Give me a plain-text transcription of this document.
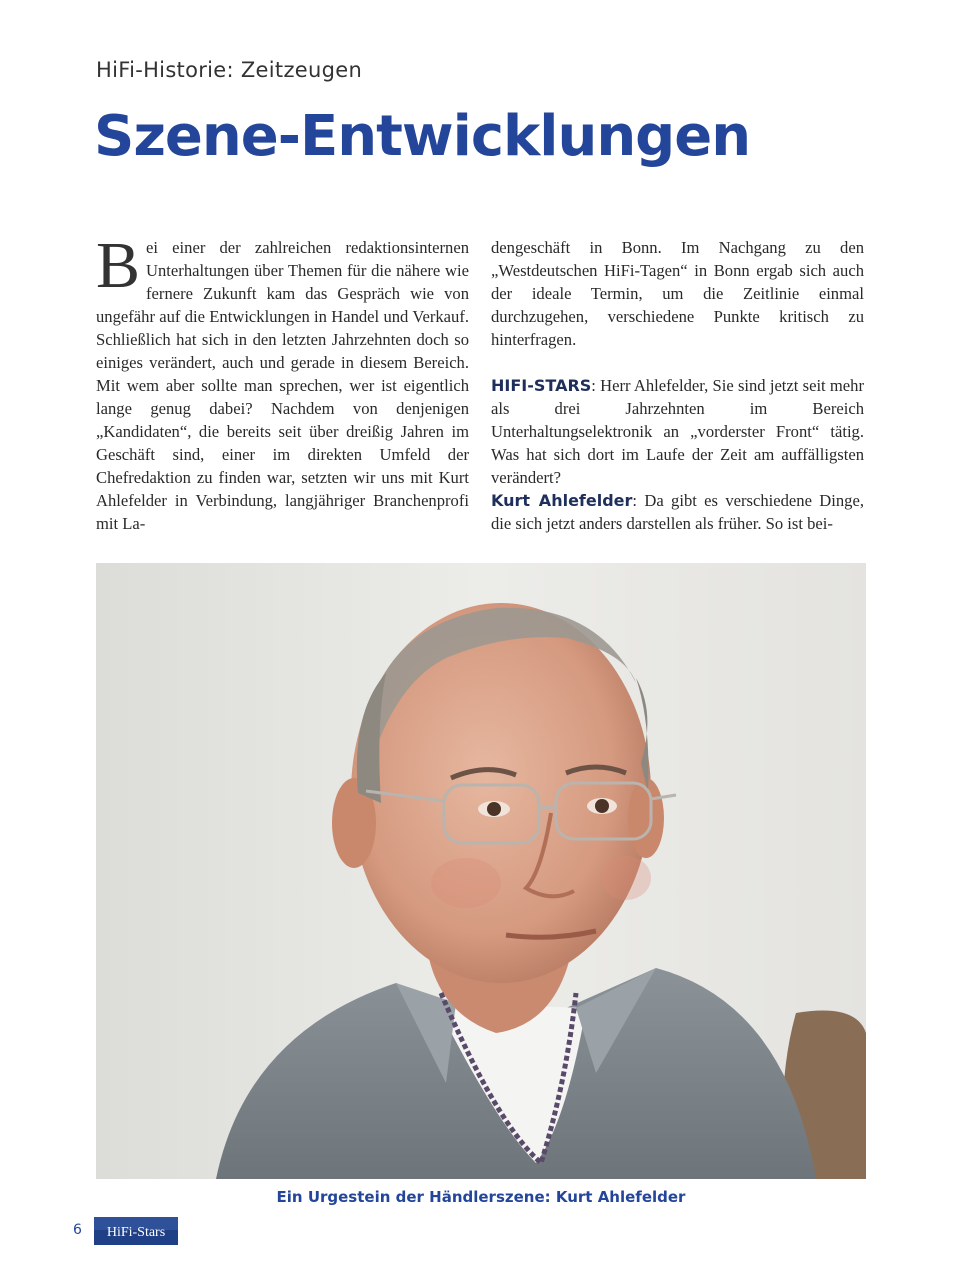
HiFi-Historie: Zeitzeugen
Szene-Entwicklungen

Bei einer der zahlreichen redaktionsinternen Unterhaltungen über Themen für die nähere wie fernere Zukunft kam das Gespräch wie von ungefähr auf die Entwicklungen in Handel und Verkauf. Schließlich hat sich in den letzten Jahrzehnten doch so einiges verändert, auch und gerade in diesem Bereich. Mit wem aber sollte man sprechen, wer ist eigentlich lange genug dabei? Nachdem von denjenigen „Kandidaten“, die bereits seit über dreißig Jahren im Geschäft sind, einer im direkten Umfeld der Chefredaktion zu finden war, setzten wir uns mit Kurt Ahlefelder in Verbindung, langjähriger Branchenprofi mit La-

dengeschäft in Bonn. Im Nachgang zu den „Westdeutschen HiFi-Tagen“ in Bonn ergab sich auch der ideale Termin, um die Zeitlinie einmal durchzugehen, verschiedene Punkte kritisch zu hinterfragen.

HIFI-STARS: Herr Ahlefelder, Sie sind jetzt seit mehr als drei Jahrzehnten im Bereich Unterhaltungselektronik an „vorderster Front“ tätig. Was hat sich dort im Laufe der Zeit am auffälligsten verändert?

Kurt Ahlefelder: Da gibt es verschiedene Dinge, die sich jetzt anders darstellen als früher. So ist bei-

Ein Urgestein der Händlerszene: Kurt Ahlefelder
6 HiFi-Stars
